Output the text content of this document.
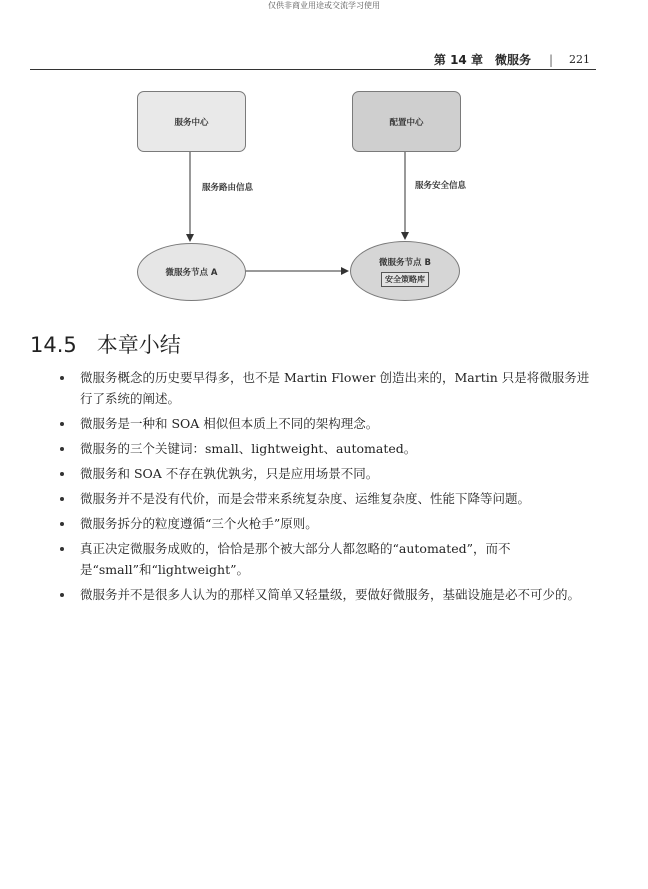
仅供非商业用途或交流学习使用
第 14 章　微服务 | 221
服务中心	配置中心
服务路由信息	服务安全信息
微服务节点 A
微服务节点 B
安全策略库
14.5 本章小结
微服务概念的历史要早得多，也不是 Martin Flower 创造出来的，Martin 只是将微服务进行了系统的阐述。
微服务是一种和 SOA 相似但本质上不同的架构理念。
微服务的三个关键词：small、lightweight、automated。
微服务和 SOA 不存在孰优孰劣，只是应用场景不同。
微服务并不是没有代价，而是会带来系统复杂度、运维复杂度、性能下降等问题。
微服务拆分的粒度遵循“三个火枪手”原则。
真正决定微服务成败的，恰恰是那个被大部分人都忽略的“automated”，而不是“small”和“lightweight”。
微服务并不是很多人认为的那样又简单又轻量级，要做好微服务，基础设施是必不可少的。
